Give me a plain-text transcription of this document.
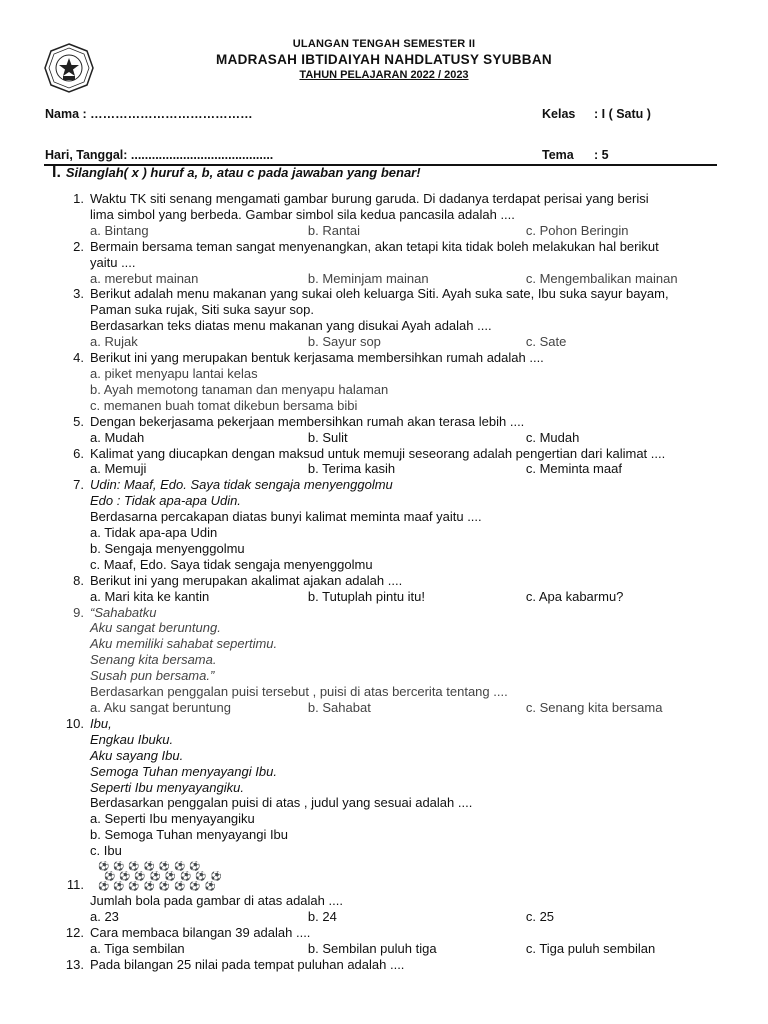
ULANGAN TENGAH SEMESTER II
MADRASAH IBTIDAIYAH NAHDLATUSY SYUBBAN
TAHUN PELAJARAN 2022 / 2023
Nama : …………………………………	Kelas : I ( Satu )
Hari, Tanggal: .........................................	Tema : 5
I. Silanglah( x ) huruf a, b, atau c pada jawaban yang benar!
1. Waktu TK siti senang mengamati gambar burung garuda. Di dadanya terdapat perisai yang berisi
lima simbol yang berbeda. Gambar simbol sila kedua pancasila adalah ....
a. Bintang	b. Rantai	c. Pohon Beringin
2. Bermain bersama teman sangat menyenangkan, akan tetapi kita tidak boleh melakukan hal berikut
yaitu ....
a. merebut mainan	b. Meminjam mainan	c. Mengembalikan mainan
3. Berikut adalah menu makanan yang sukai oleh keluarga Siti. Ayah suka sate, Ibu suka sayur bayam,
Paman suka rujak, Siti suka sayur sop.
Berdasarkan teks diatas menu makanan yang disukai Ayah adalah ....
a. Rujak	b. Sayur sop	c. Sate
4. Berikut ini yang merupakan bentuk kerjasama membersihkan rumah adalah ....
a. piket menyapu lantai kelas
b. Ayah memotong tanaman dan menyapu halaman
c. memanen buah tomat dikebun bersama bibi
5. Dengan bekerjasama pekerjaan membersihkan rumah akan terasa lebih ....
a. Mudah	b. Sulit	c. Mudah
6. Kalimat yang diucapkan dengan maksud untuk memuji seseorang adalah pengertian dari kalimat ....
a. Memuji	b. Terima kasih	c. Meminta maaf
7. Udin: Maaf, Edo. Saya tidak sengaja menyenggolmu
Edo : Tidak apa-apa Udin.
Berdasarna percakapan diatas bunyi kalimat meminta maaf yaitu ....
a. Tidak apa-apa Udin
b. Sengaja menyenggolmu
c. Maaf, Edo. Saya tidak sengaja menyenggolmu
8. Berikut ini yang merupakan akalimat ajakan adalah ....
a. Mari kita ke kantin	b. Tutuplah pintu itu!	c. Apa kabarmu?
9. “Sahabatku
Aku sangat beruntung.
Aku memiliki sahabat sepertimu.
Senang kita bersama.
Susah pun bersama.”
Berdasarkan penggalan puisi tersebut , puisi di atas bercerita tentang ....
a. Aku sangat beruntung	b. Sahabat	c. Senang kita bersama
10. Ibu,
Engkau Ibuku.
Aku sayang Ibu.
Semoga Tuhan menyayangi Ibu.
Seperti Ibu menyayangiku.
Berdasarkan penggalan puisi di atas , judul yang sesuai adalah ....
a. Seperti Ibu menyayangiku
b. Semoga Tuhan menyayangi Ibu
c. Ibu
11.
⚽⚽⚽⚽⚽⚽⚽
⚽⚽⚽⚽⚽⚽⚽⚽
⚽⚽⚽⚽⚽⚽⚽⚽
Jumlah bola pada gambar di atas adalah ....
a. 23	b. 24	c. 25
12. Cara membaca bilangan 39 adalah ....
a. Tiga sembilan	b. Sembilan puluh tiga	c. Tiga puluh sembilan
13. Pada bilangan 25 nilai pada tempat puluhan adalah ....
